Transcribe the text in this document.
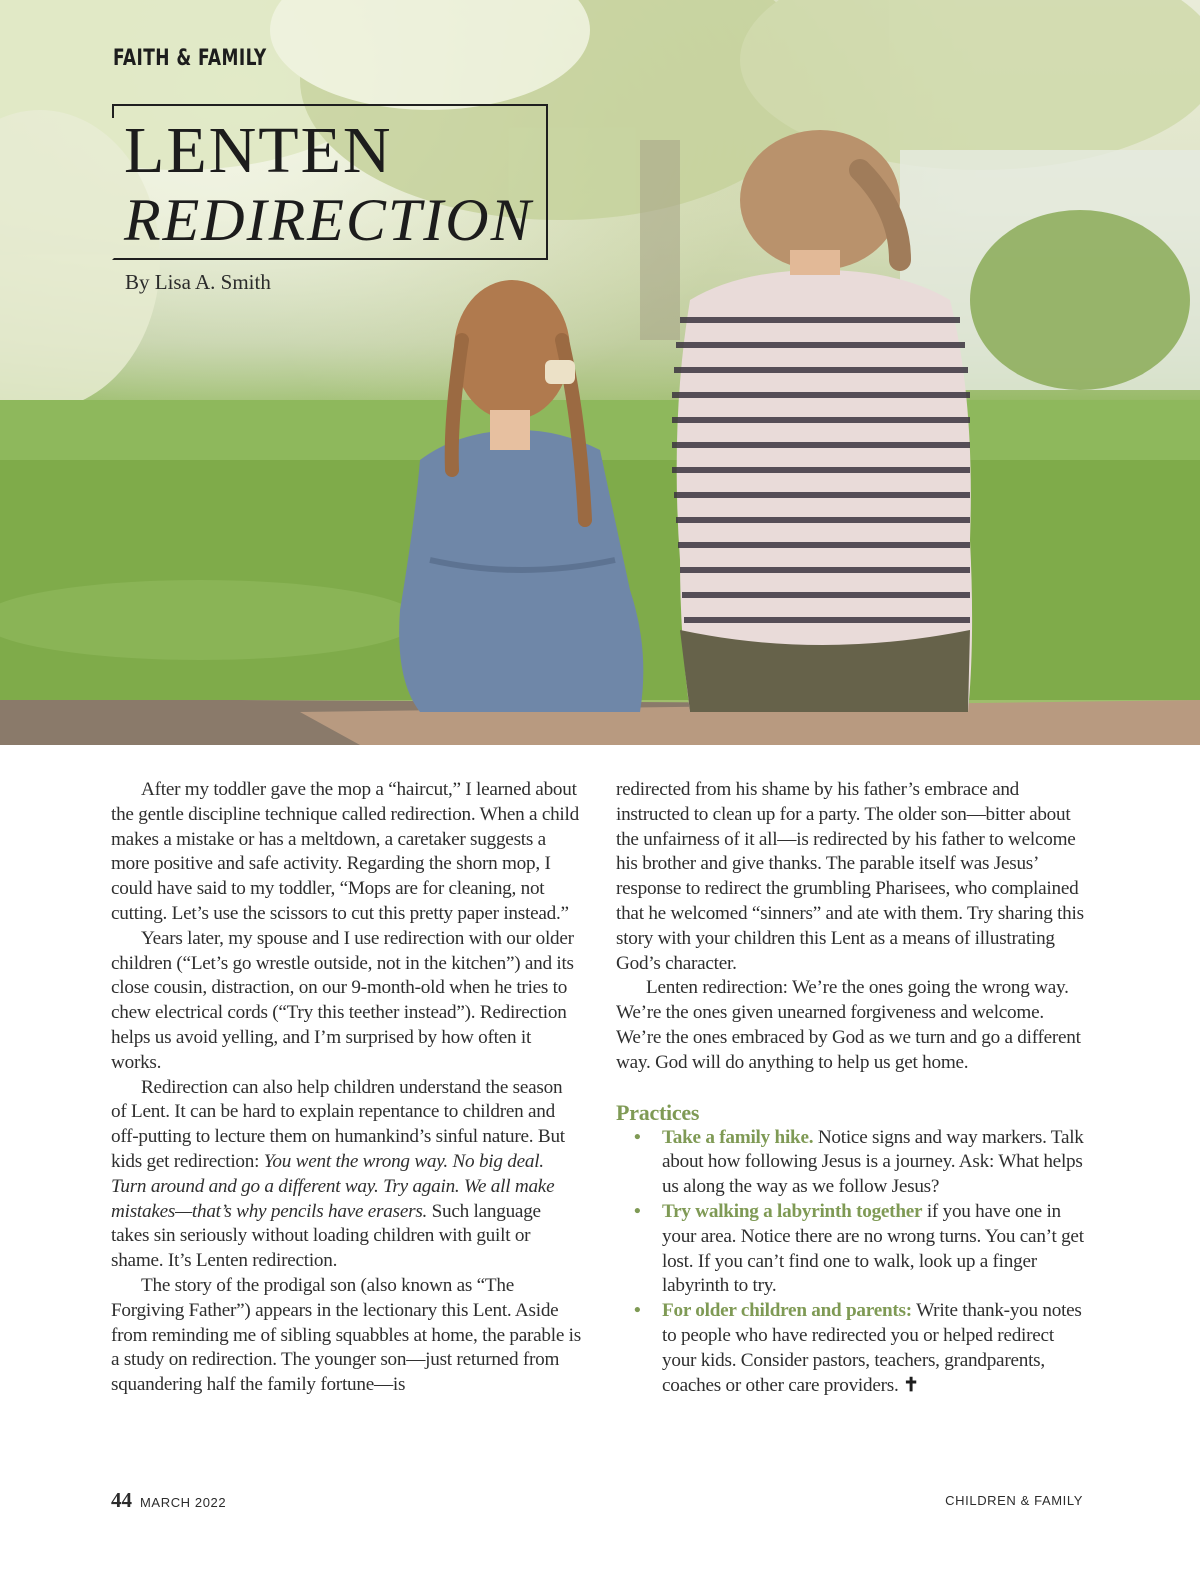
FAITH & FAMILY
LENTEN
REDIRECTION
By Lisa A. Smith

After my toddler gave the mop a “haircut,” I learned about the gentle discipline technique called redirection. When a child makes a mistake or has a meltdown, a caretaker suggests a more positive and safe activity. Regarding the shorn mop, I could have said to my toddler, “Mops are for cleaning, not cutting. Let’s use the scissors to cut this pretty paper instead.”

Years later, my spouse and I use redirection with our older children (“Let’s go wrestle outside, not in the kitchen”) and its close cousin, distraction, on our 9-month-old when he tries to chew electrical cords (“Try this teether instead”). Redirection helps us avoid yelling, and I’m surprised by how often it works.

Redirection can also help children understand the season of Lent. It can be hard to explain repentance to children and off-putting to lecture them on humankind’s sinful nature. But kids get redirection: You went the wrong way. No big deal. Turn around and go a different way. Try again. We all make mistakes—that’s why pencils have erasers. Such language takes sin seriously without loading children with guilt or shame. It’s Lenten redirection.

The story of the prodigal son (also known as “The Forgiving Father”) appears in the lectionary this Lent. Aside from reminding me of sibling squabbles at home, the parable is a study on redirection. The younger son—just returned from squandering half the family fortune—is

redirected from his shame by his father’s embrace and instructed to clean up for a party. The older son—bitter about the unfairness of it all—is redirected by his father to welcome his brother and give thanks. The parable itself was Jesus’ response to redirect the grumbling Pharisees, who complained that he welcomed “sinners” and ate with them. Try sharing this story with your children this Lent as a means of illustrating God’s character.

Lenten redirection: We’re the ones going the wrong way. We’re the ones given unearned forgiveness and welcome. We’re the ones embraced by God as we turn and go a different way. God will do anything to help us get home.

Practices
• Take a family hike. Notice signs and way markers. Talk about how following Jesus is a journey. Ask: What helps us along the way as we follow Jesus?
• Try walking a labyrinth together if you have one in your area. Notice there are no wrong turns. You can’t get lost. If you can’t find one to walk, look up a finger labyrinth to try.
• For older children and parents: Write thank-you notes to people who have redirected you or helped redirect your kids. Consider pastors, teachers, grandparents, coaches or other care providers. ✝
44 MARCH 2022	CHILDREN & FAMILY
